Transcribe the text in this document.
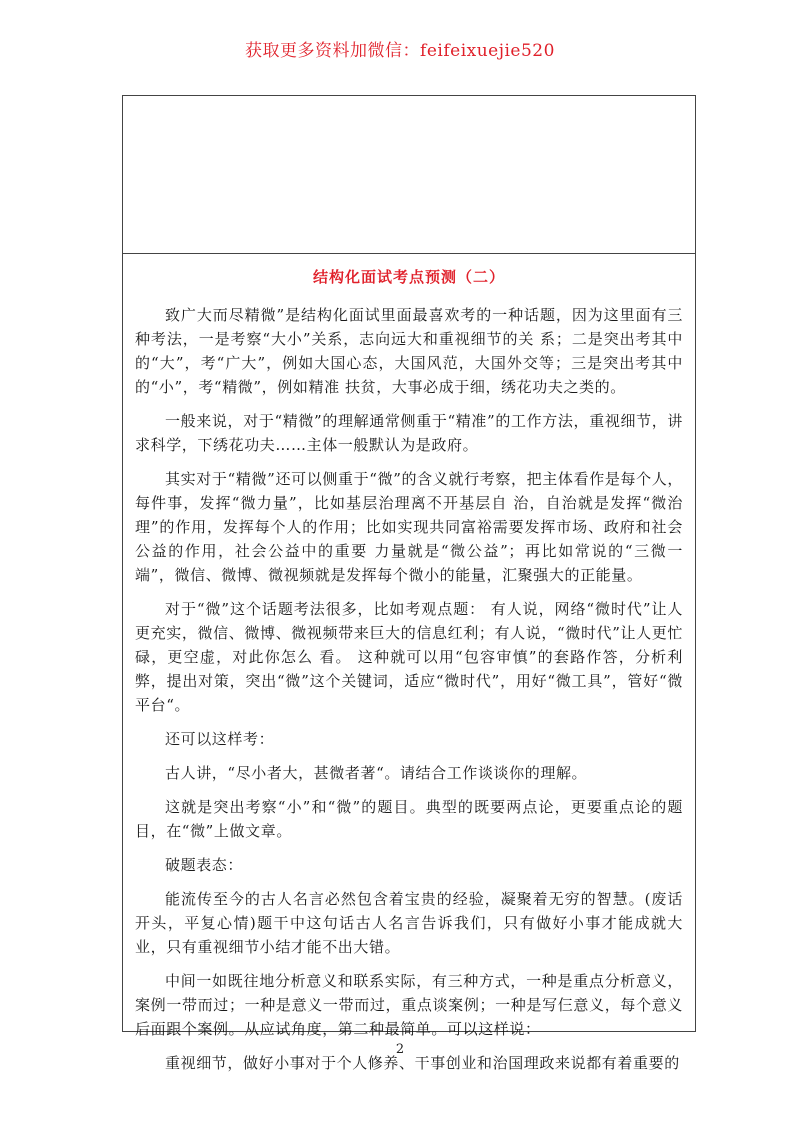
获取更多资料加微信：feifeixuejie520
结构化面试考点预测（二）

致广大而尽精微”是结构化面试里面最喜欢考的一种话题，因为这里面有三种考法，一是考察“大小”关系，志向远大和重视细节的关 系；二是突出考其中的“大”，考“广大”，例如大国心态，大国风范，大国外交等；三是突出考其中的“小”，考“精微”，例如精准 扶贫，大事必成于细，绣花功夫之类的。

一般来说，对于“精微”的理解通常侧重于“精准”的工作方法，重视细节，讲求科学，下绣花功夫……主体一般默认为是政府。

其实对于“精微”还可以侧重于“微”的含义就行考察，把主体看作是每个人，每件事，发挥“微力量”，比如基层治理离不开基层自 治，自治就是发挥“微治理”的作用，发挥每个人的作用；比如实现共同富裕需要发挥市场、政府和社会公益的作用，社会公益中的重要 力量就是“微公益”；再比如常说的“三微一端”，微信、微博、微视频就是发挥每个微小的能量，汇聚强大的正能量。

对于“微”这个话题考法很多，比如考观点题： 有人说，网络“微时代”让人更充实，微信、微博、微视频带来巨大的信息红利；有人说，“微时代”让人更忙碌，更空虚，对此你怎么 看。 这种就可以用“包容审慎”的套路作答，分析利弊，提出对策，突出“微”这个关键词，适应“微时代”，用好“微工具”，管好“微平台“。

还可以这样考：

古人讲，“尽小者大，甚微者著“。请结合工作谈谈你的理解。

这就是突出考察“小”和“微”的题目。典型的既要两点论，更要重点论的题目，在“微”上做文章。

破题表态：

能流传至今的古人名言必然包含着宝贵的经验，凝聚着无穷的智慧。(废话开头，平复心情)题干中这句话古人名言告诉我们，只有做好小事才能成就大业，只有重视细节小结才能不出大错。

中间一如既往地分析意义和联系实际，有三种方式，一种是重点分析意义，案例一带而过；一种是意义一带而过，重点谈案例；一种是写仨意义，每个意义后面跟个案例。从应试角度，第二种最简单。可以这样说：

重视细节，做好小事对于个人修养、干事创业和治国理政来说都有着重要的

2
